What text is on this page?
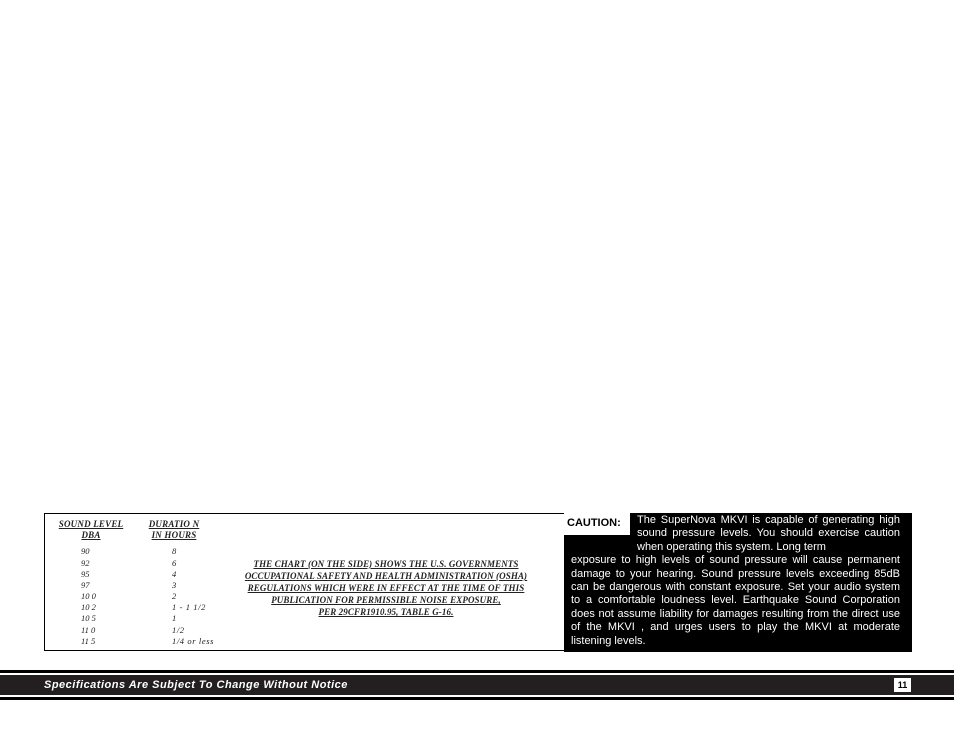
SOUND LEVEL
DBA
DURATIO N
IN HOURS
90	8
92	6
95	4
97	3
10 0	2
10 2	1 - 1 1/2
10 5	1
11 0	1/2
11 5	1/4 or less
THE CHART (ON THE SIDE) SHOWS THE U.S. GOVERNMENTS
OCCUPATIONAL SAFETY AND HEALTH ADMINISTRATION (OSHA)
REGULATIONS WHICH WERE IN EFFECT AT THE TIME OF THIS
PUBLICATION FOR PERMISSIBLE NOISE EXPOSURE,
PER 29CFR1910.95, TABLE G-16.
CAUTION:	The SuperNova MKVI is capable of generating high sound pressure levels. You should exercise caution when operating this system. Long term
exposure to high levels of sound pressure will cause permanent damage to your hearing. Sound pressure levels exceeding 85dB can be dangerous with constant exposure. Set your audio system to a comfortable loudness level. Earthquake Sound Corporation does not assume liability for damages resulting from the direct use of the MKVI , and urges users to play the MKVI at moderate listening levels.
Specifications Are Subject To Change Without Notice	11
